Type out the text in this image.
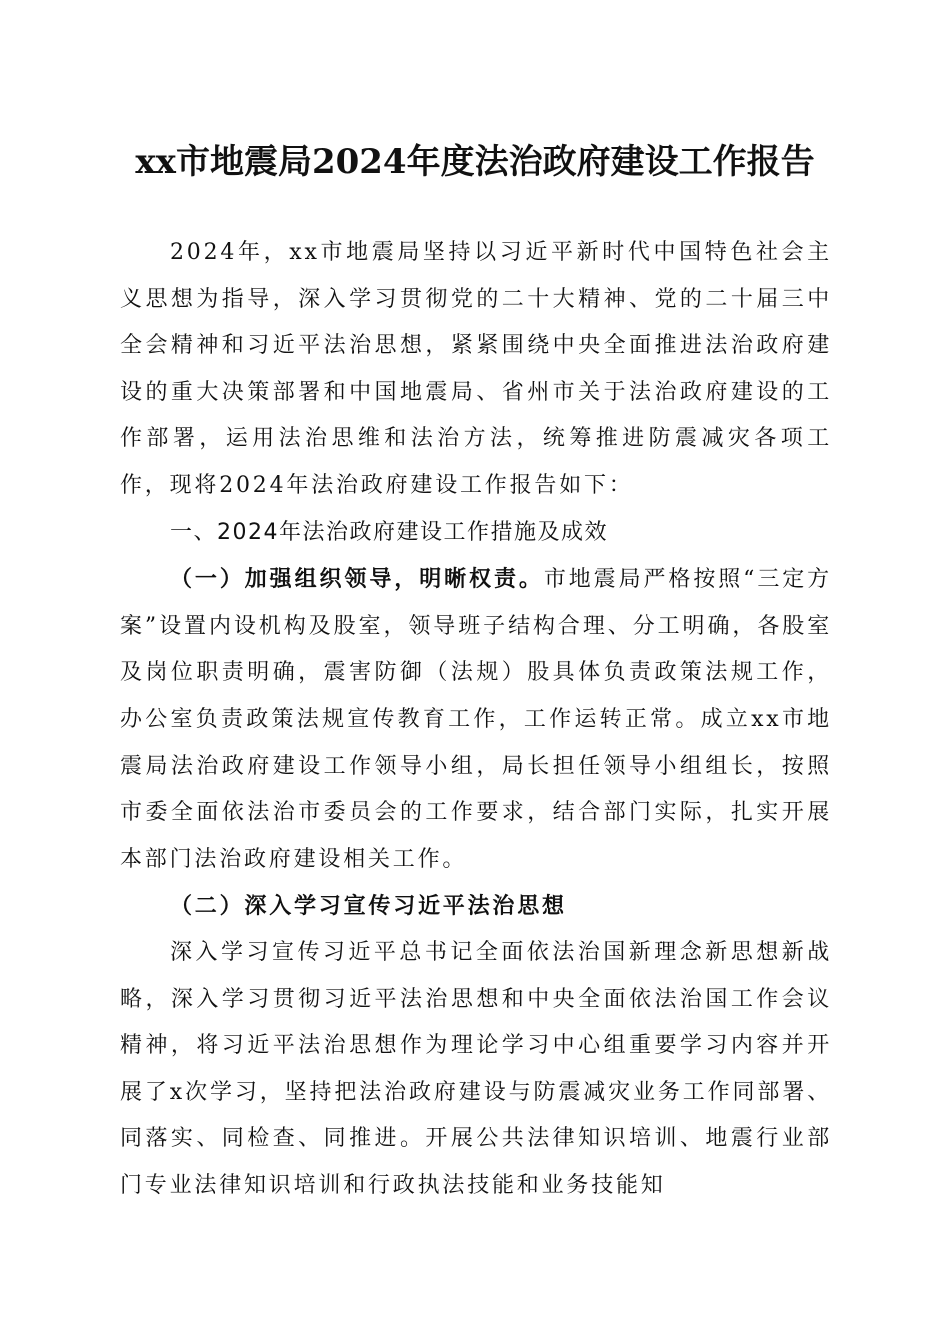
xx市地震局2024年度法治政府建设工作报告

2024年，xx市地震局坚持以习近平新时代中国特色社会主义思想为指导，深入学习贯彻党的二十大精神、党的二十届三中全会精神和习近平法治思想，紧紧围绕中央全面推进法治政府建设的重大决策部署和中国地震局、省州市关于法治政府建设的工作部署，运用法治思维和法治方法，统筹推进防震减灾各项工作，现将2024年法治政府建设工作报告如下：

一、2024年法治政府建设工作措施及成效

（一）加强组织领导，明晰权责。市地震局严格按照“三定方案”设置内设机构及股室，领导班子结构合理、分工明确，各股室及岗位职责明确，震害防御（法规）股具体负责政策法规工作，办公室负责政策法规宣传教育工作，工作运转正常。成立xx市地震局法治政府建设工作领导小组，局长担任领导小组组长，按照市委全面依法治市委员会的工作要求，结合部门实际，扎实开展本部门法治政府建设相关工作。

（二）深入学习宣传习近平法治思想

深入学习宣传习近平总书记全面依法治国新理念新思想新战略，深入学习贯彻习近平法治思想和中央全面依法治国工作会议精神，将习近平法治思想作为理论学习中心组重要学习内容并开展了x次学习，坚持把法治政府建设与防震减灾业务工作同部署、同落实、同检查、同推进。开展公共法律知识培训、地震行业部门专业法律知识培训和行政执法技能和业务技能知
